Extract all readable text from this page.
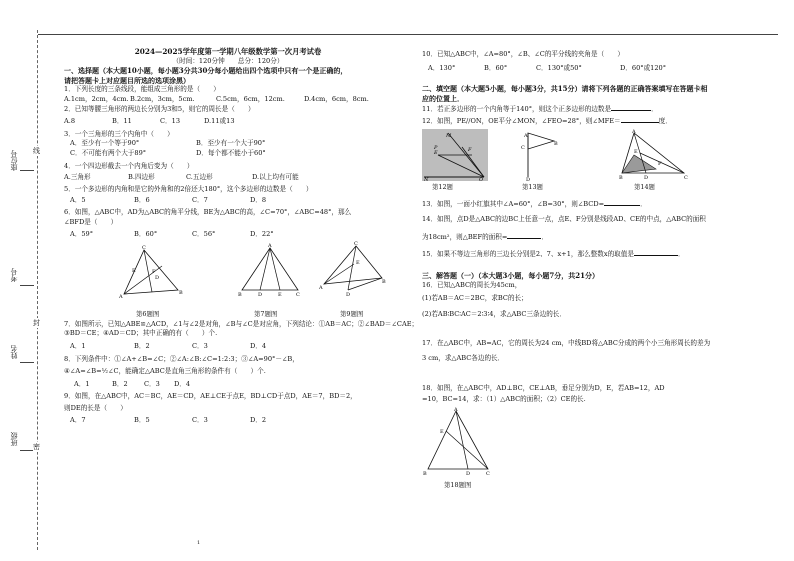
座位号
考号
姓名
班级
线
封
密
2024—2025学年度第一学期八年级数学第一次月考试卷
（时间：120分钟　　总分：120分）
一、选择题（本大题10小题，每小题3分共30分每小题给出四个选项中只有一个是正确的，
请把答题卡上对应题目所选的选项涂黑）
1．下列长度的三条线段，能组成三角形的是（　　）
A.1cm，2cm，4cm. B.2cm，3cm，5cm.	C.5cm，6cm，12cm.	D.4cm，6cm，8cm.
2．已知等腰三角形的两边长分别为3和5，则它的周长是（　　）
A.8	B．11	C．13	D.11或13
3．一个三角形的三个内角中（　　）
A．至少有一个等于90°	B．至少有一个大于90°
C．不可能有两个大于89°	D．每个都不能小于60°
4．一个四边形截去一个内角后变为（　　）
A.三角形	B.四边形	C.五边形	D.以上均有可能
5．一个多边形的内角和是它的外角和的2倍还大180°，这个多边形的边数是（　　）
A．5	B．6	C．7	D．8
6．如图，△ABC中，AD为△ABC的角平分线，BE为△ABC的高，∠C=70°，∠ABC=48°，那么
∠BFD是（　　）
A．59°	B．60°	C．56°	D．22°
C
A
B
E	F
D
A
B	D	E	C
C
A
B
D
E
第6题图	第7题图	第9题图
7．如图所示，已知△ABE≌△ACD，∠1与∠2是对角，∠B与∠C是对应角，下列结论：①AB＝AC；②∠BAD＝∠CAE；
③BD＝CE；④AD＝CD；其中正确的有（　　）个.
A．1	B．2	C．3	D．4
8．下列条件中：①∠A+∠B=∠C；②∠A:∠B:∠C=1:2:3；③∠A=90°－∠B，
④∠A=∠B=½∠C，能确定△ABC是直角三角形的条件有（　　）个.
A．1	B．2	C．3	D．4
9．如图，在△ABC中，AC＝BC，AE＝CD，AE⊥CE于点E，BD⊥CD于点D，AE＝7，BD＝2，
则DE的长是（　　）
A．7	B．5	C．3	D．2
10．已知△ABC中，∠A=80°，∠B、∠C的平分线的夹角是（　　）
A．130°	B．60°	C．130°或50°	D．60°或120°
二、填空题（本大题5小题，每小题3分，共15分）请将下列各题的正确答案填写在答题卡相
应的位置上．
11．若正多边形的一个内角等于140°，则这个正多边形的边数是	．
12．如图，PE//ON，OE平分∠MON，∠FEO=28°，则∠MFE＝	度．
M
E	F
P
N	O
C
B
A
D
A
B	D	C
E
F
第12题	第13题	第14题
13．如图，一面小红旗其中∠A=60°，∠B=30°，则∠BCD=	．
14．如图，点D是△ABC的边BC上任意一点，点E、F分别是线段AD、CE的中点，△ABC的面积
为18cm²，则△BEF的面积=	．
15．如果不等边三角形的三边长分别是2、7、x+1，那么整数x的取值是	．
三、解答题（一）（本大题3小题，每小题7分，共21分）
16．已知△ABC的周长为45cm，
(1)若AB＝AC＝2BC，求BC的长；
(2)若AB∶BC∶AC＝2∶3∶4，求△ABC三条边的长．
17．在△ABC中，AB=AC，它的周长为24 cm，中线BD将△ABC分成的两个小三角形周长的差为
3 cm，求△ABC各边的长．
18．如图，在△ABC中，AD⊥BC，CE⊥AB，垂足分别为D，E，若AB=12，AD
=10，BC=14，求：（1）△ABC的面积；（2）CE的长.
A
E
B	D	C
第18题图
1
